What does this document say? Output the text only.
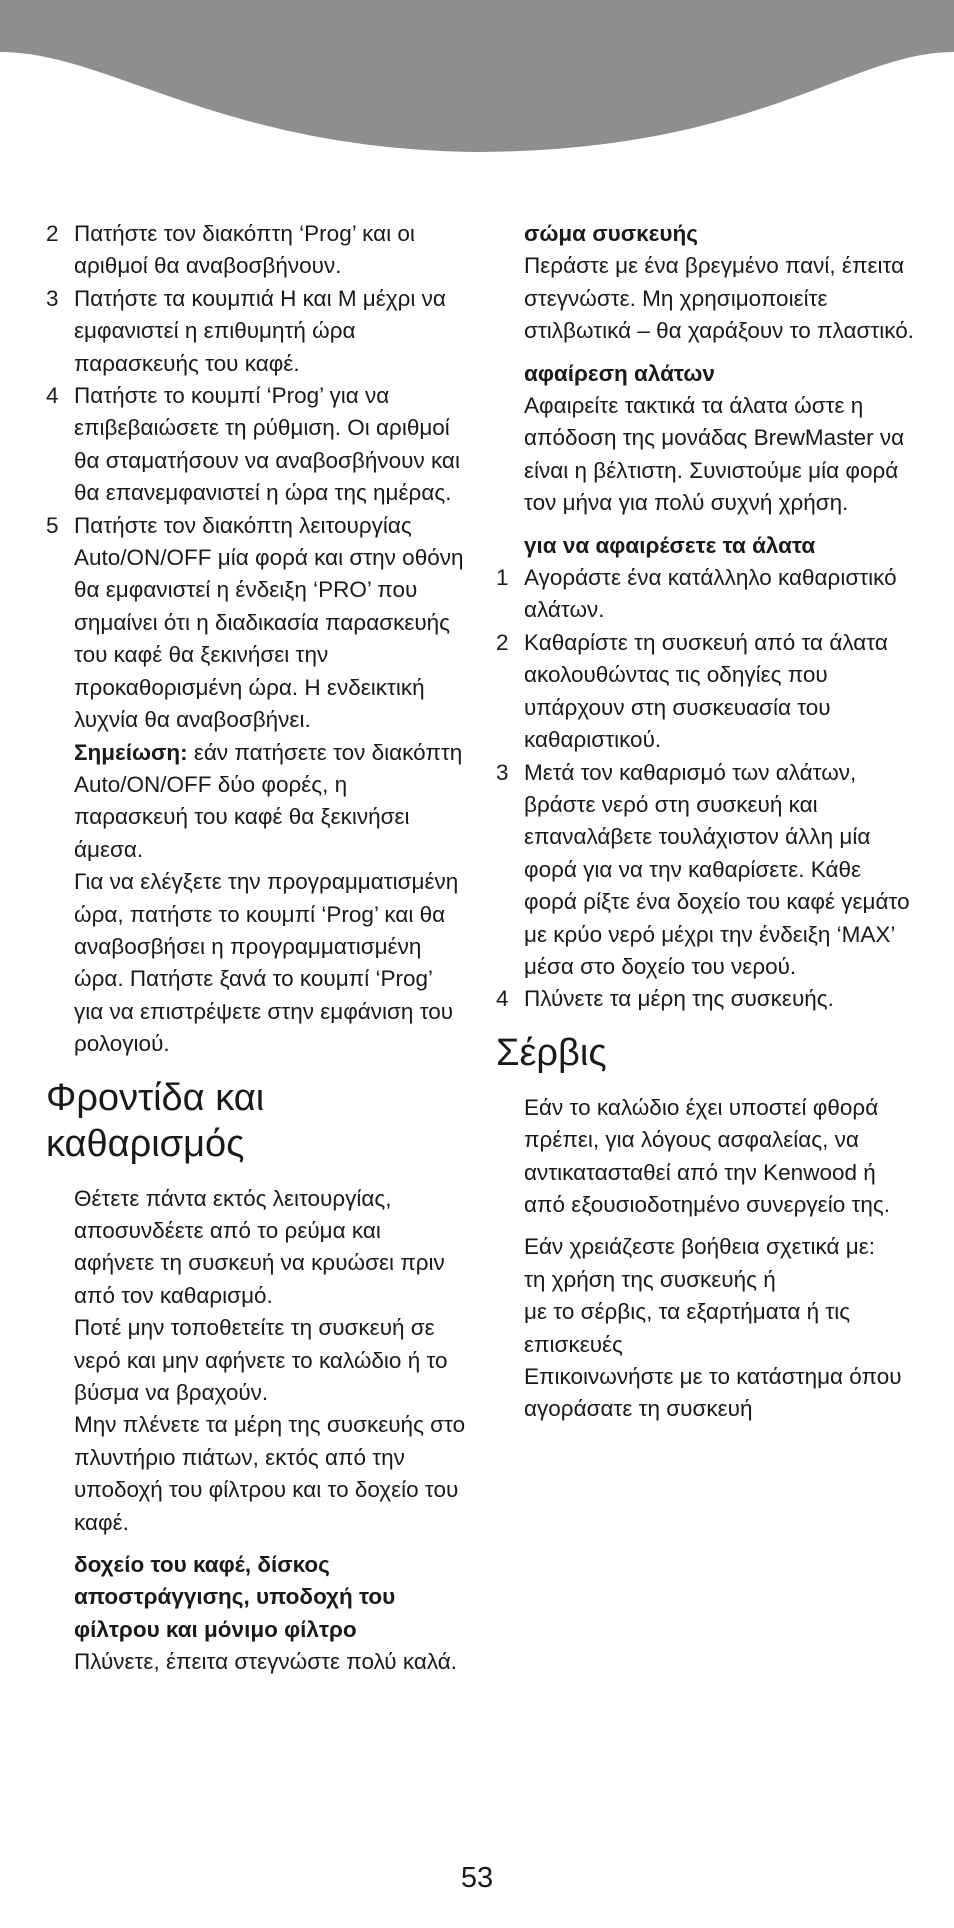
2 Πατήστε τον διακόπτη ‘Prog’ και οι αριθμοί θα αναβοσβήνουν.
3 Πατήστε τα κουμπιά H και M μέχρι να εμφανιστεί η επιθυμητή ώρα παρασκευής του καφέ.
4 Πατήστε το κουμπί ‘Prog’ για να επιβεβαιώσετε τη ρύθμιση. Οι αριθμοί θα σταματήσουν να αναβοσβήνουν και θα επανεμφανιστεί η ώρα της ημέρας.
5 Πατήστε τον διακόπτη λειτουργίας Auto/ON/OFF μία φορά και στην οθόνη θα εμφανιστεί η ένδειξη ‘PRO’ που σημαίνει ότι η διαδικασία παρασκευής του καφέ θα ξεκινήσει την προκαθορισμένη ώρα. Η ενδεικτική λυχνία θα αναβοσβήνει.
Σημείωση: εάν πατήσετε τον διακόπτη Auto/ON/OFF δύο φορές, η παρασκευή του καφέ θα ξεκινήσει άμεσα.
Για να ελέγξετε την προγραμματισμένη ώρα, πατήστε το κουμπί ‘Prog’ και θα αναβοσβήσει η προγραμματισμένη ώρα. Πατήστε ξανά το κουμπί ‘Prog’ για να επιστρέψετε στην εμφάνιση του ρολογιού.
Φροντίδα και
καθαρισμός
Θέτετε πάντα εκτός λειτουργίας, αποσυνδέετε από το ρεύμα και αφήνετε τη συσκευή να κρυώσει πριν από τον καθαρισμό.
Ποτέ μην τοποθετείτε τη συσκευή σε νερό και μην αφήνετε το καλώδιο ή το βύσμα να βραχούν.
Μην πλένετε τα μέρη της συσκευής στο πλυντήριο πιάτων, εκτός από την υποδοχή του φίλτρου και το δοχείο του καφέ.
δοχείο του καφέ, δίσκος αποστράγγισης, υποδοχή του φίλτρου και μόνιμο φίλτρο
Πλύνετε, έπειτα στεγνώστε πολύ καλά.
σώμα συσκευής
Περάστε με ένα βρεγμένο πανί, έπειτα στεγνώστε. Μη χρησιμοποιείτε στιλβωτικά – θα χαράξουν το πλαστικό.
αφαίρεση αλάτων
Αφαιρείτε τακτικά τα άλατα ώστε η απόδοση της μονάδας BrewMaster να είναι η βέλτιστη. Συνιστούμε μία φορά τον μήνα για πολύ συχνή χρήση.
για να αφαιρέσετε τα άλατα
1 Αγοράστε ένα κατάλληλο καθαριστικό αλάτων.
2 Καθαρίστε τη συσκευή από τα άλατα ακολουθώντας τις οδηγίες που υπάρχουν στη συσκευασία του καθαριστικού.
3 Μετά τον καθαρισμό των αλάτων, βράστε νερό στη συσκευή και επαναλάβετε τουλάχιστον άλλη μία φορά για να την καθαρίσετε. Κάθε φορά ρίξτε ένα δοχείο του καφέ γεμάτο με κρύο νερό μέχρι την ένδειξη ‘MAX’ μέσα στο δοχείο του νερού.
4 Πλύνετε τα μέρη της συσκευής.
Σέρβις
Εάν το καλώδιο έχει υποστεί φθορά πρέπει, για λόγους ασφαλείας, να αντικατασταθεί από την Kenwood ή από εξουσιοδοτημένο συνεργείο της.
Εάν χρειάζεστε βοήθεια σχετικά με:
τη χρήση της συσκευής ή
με το σέρβις, τα εξαρτήματα ή τις επισκευές
Επικοινωνήστε με το κατάστημα όπου αγοράσατε τη συσκευή
53
